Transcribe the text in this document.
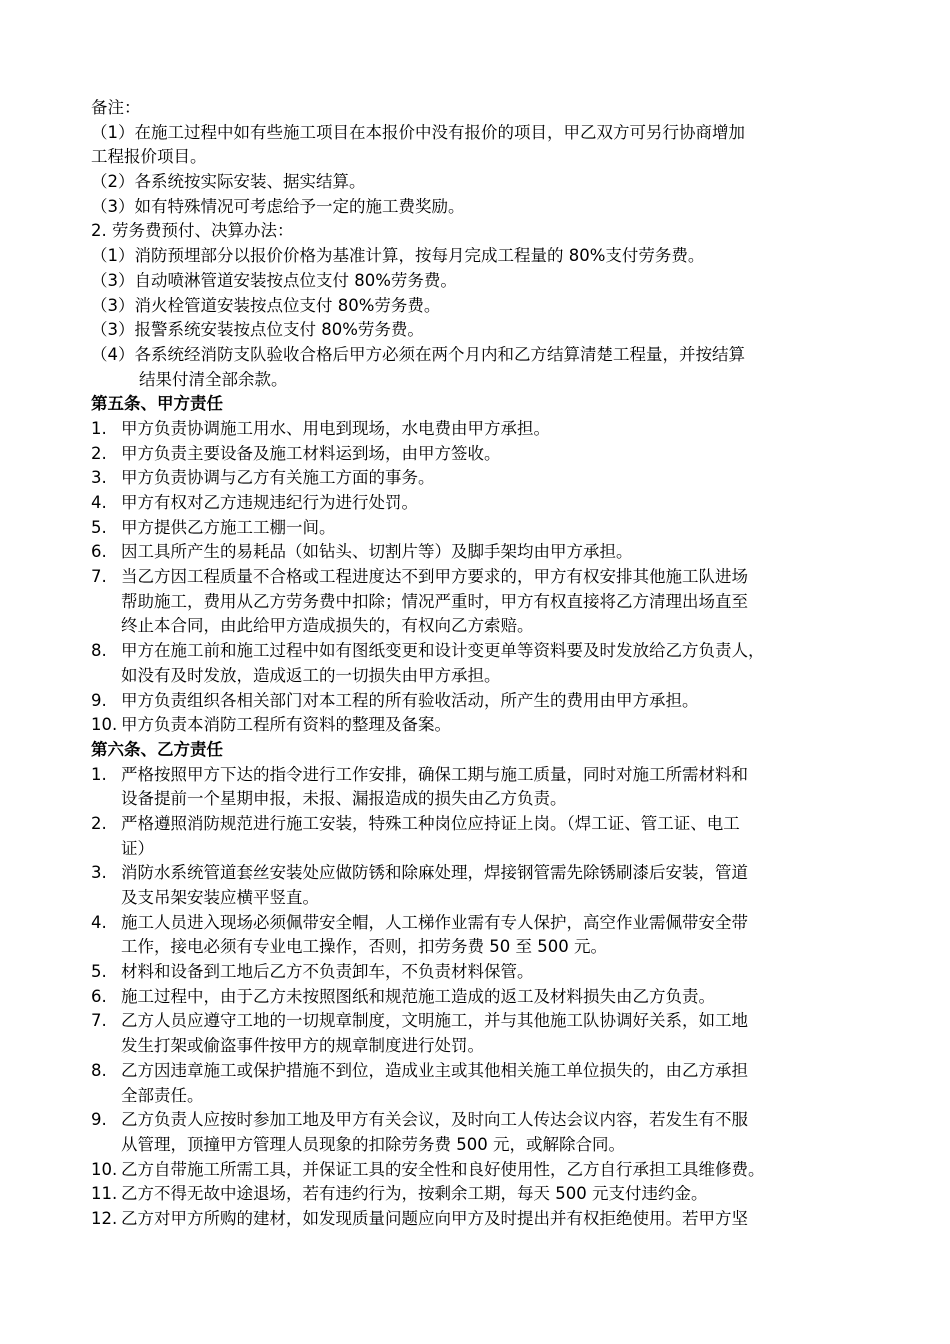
备注：
（1）在施工过程中如有些施工项目在本报价中没有报价的项目，甲乙双方可另行协商增加
工程报价项目。
（2）各系统按实际安装、据实结算。
（3）如有特殊情况可考虑给予一定的施工费奖励。
2. 劳务费预付、决算办法：
（1）消防预埋部分以报价价格为基准计算，按每月完成工程量的 80%支付劳务费。
（3）自动喷淋管道安装按点位支付 80%劳务费。
（3）消火栓管道安装按点位支付 80%劳务费。
（3）报警系统安装按点位支付 80%劳务费。
（4）各系统经消防支队验收合格后甲方必须在两个月内和乙方结算清楚工程量，并按结算
结果付清全部余款。
第五条、甲方责任
甲方负责协调施工用水、用电到现场，水电费由甲方承担。
1.
甲方负责主要设备及施工材料运到场，由甲方签收。
2.
甲方负责协调与乙方有关施工方面的事务。
3.
甲方有权对乙方违规违纪行为进行处罚。
4.
甲方提供乙方施工工棚一间。
5.
因工具所产生的易耗品（如钻头、切割片等）及脚手架均由甲方承担。
6.
当乙方因工程质量不合格或工程进度达不到甲方要求的，甲方有权安排其他施工队进场
7.
帮助施工，费用从乙方劳务费中扣除；情况严重时，甲方有权直接将乙方清理出场直至
终止本合同，由此给甲方造成损失的，有权向乙方索赔。
甲方在施工前和施工过程中如有图纸变更和设计变更单等资料要及时发放给乙方负责人，
8.
如没有及时发放，造成返工的一切损失由甲方承担。
甲方负责组织各相关部门对本工程的所有验收活动，所产生的费用由甲方承担。
9.
甲方负责本消防工程所有资料的整理及备案。
10.
第六条、乙方责任
严格按照甲方下达的指令进行工作安排，确保工期与施工质量，同时对施工所需材料和
1.
设备提前一个星期申报，未报、漏报造成的损失由乙方负责。
严格遵照消防规范进行施工安装，特殊工种岗位应持证上岗。（焊工证、管工证、电工
2.
证）
消防水系统管道套丝安装处应做防锈和除麻处理，焊接钢管需先除锈刷漆后安装，管道
3.
及支吊架安装应横平竖直。
施工人员进入现场必须佩带安全帽，人工梯作业需有专人保护，高空作业需佩带安全带
4.
工作，接电必须有专业电工操作，否则，扣劳务费 50 至 500 元。
材料和设备到工地后乙方不负责卸车，不负责材料保管。
5.
施工过程中，由于乙方未按照图纸和规范施工造成的返工及材料损失由乙方负责。
6.
乙方人员应遵守工地的一切规章制度，文明施工，并与其他施工队协调好关系，如工地
7.
发生打架或偷盗事件按甲方的规章制度进行处罚。
乙方因违章施工或保护措施不到位，造成业主或其他相关施工单位损失的，由乙方承担
8.
全部责任。
乙方负责人应按时参加工地及甲方有关会议，及时向工人传达会议内容，若发生有不服
9.
从管理，顶撞甲方管理人员现象的扣除劳务费 500 元，或解除合同。
乙方自带施工所需工具，并保证工具的安全性和良好使用性，乙方自行承担工具维修费。
10.
乙方不得无故中途退场，若有违约行为，按剩余工期，每天 500 元支付违约金。
11.
乙方对甲方所购的建材，如发现质量问题应向甲方及时提出并有权拒绝使用。若甲方坚
12.
